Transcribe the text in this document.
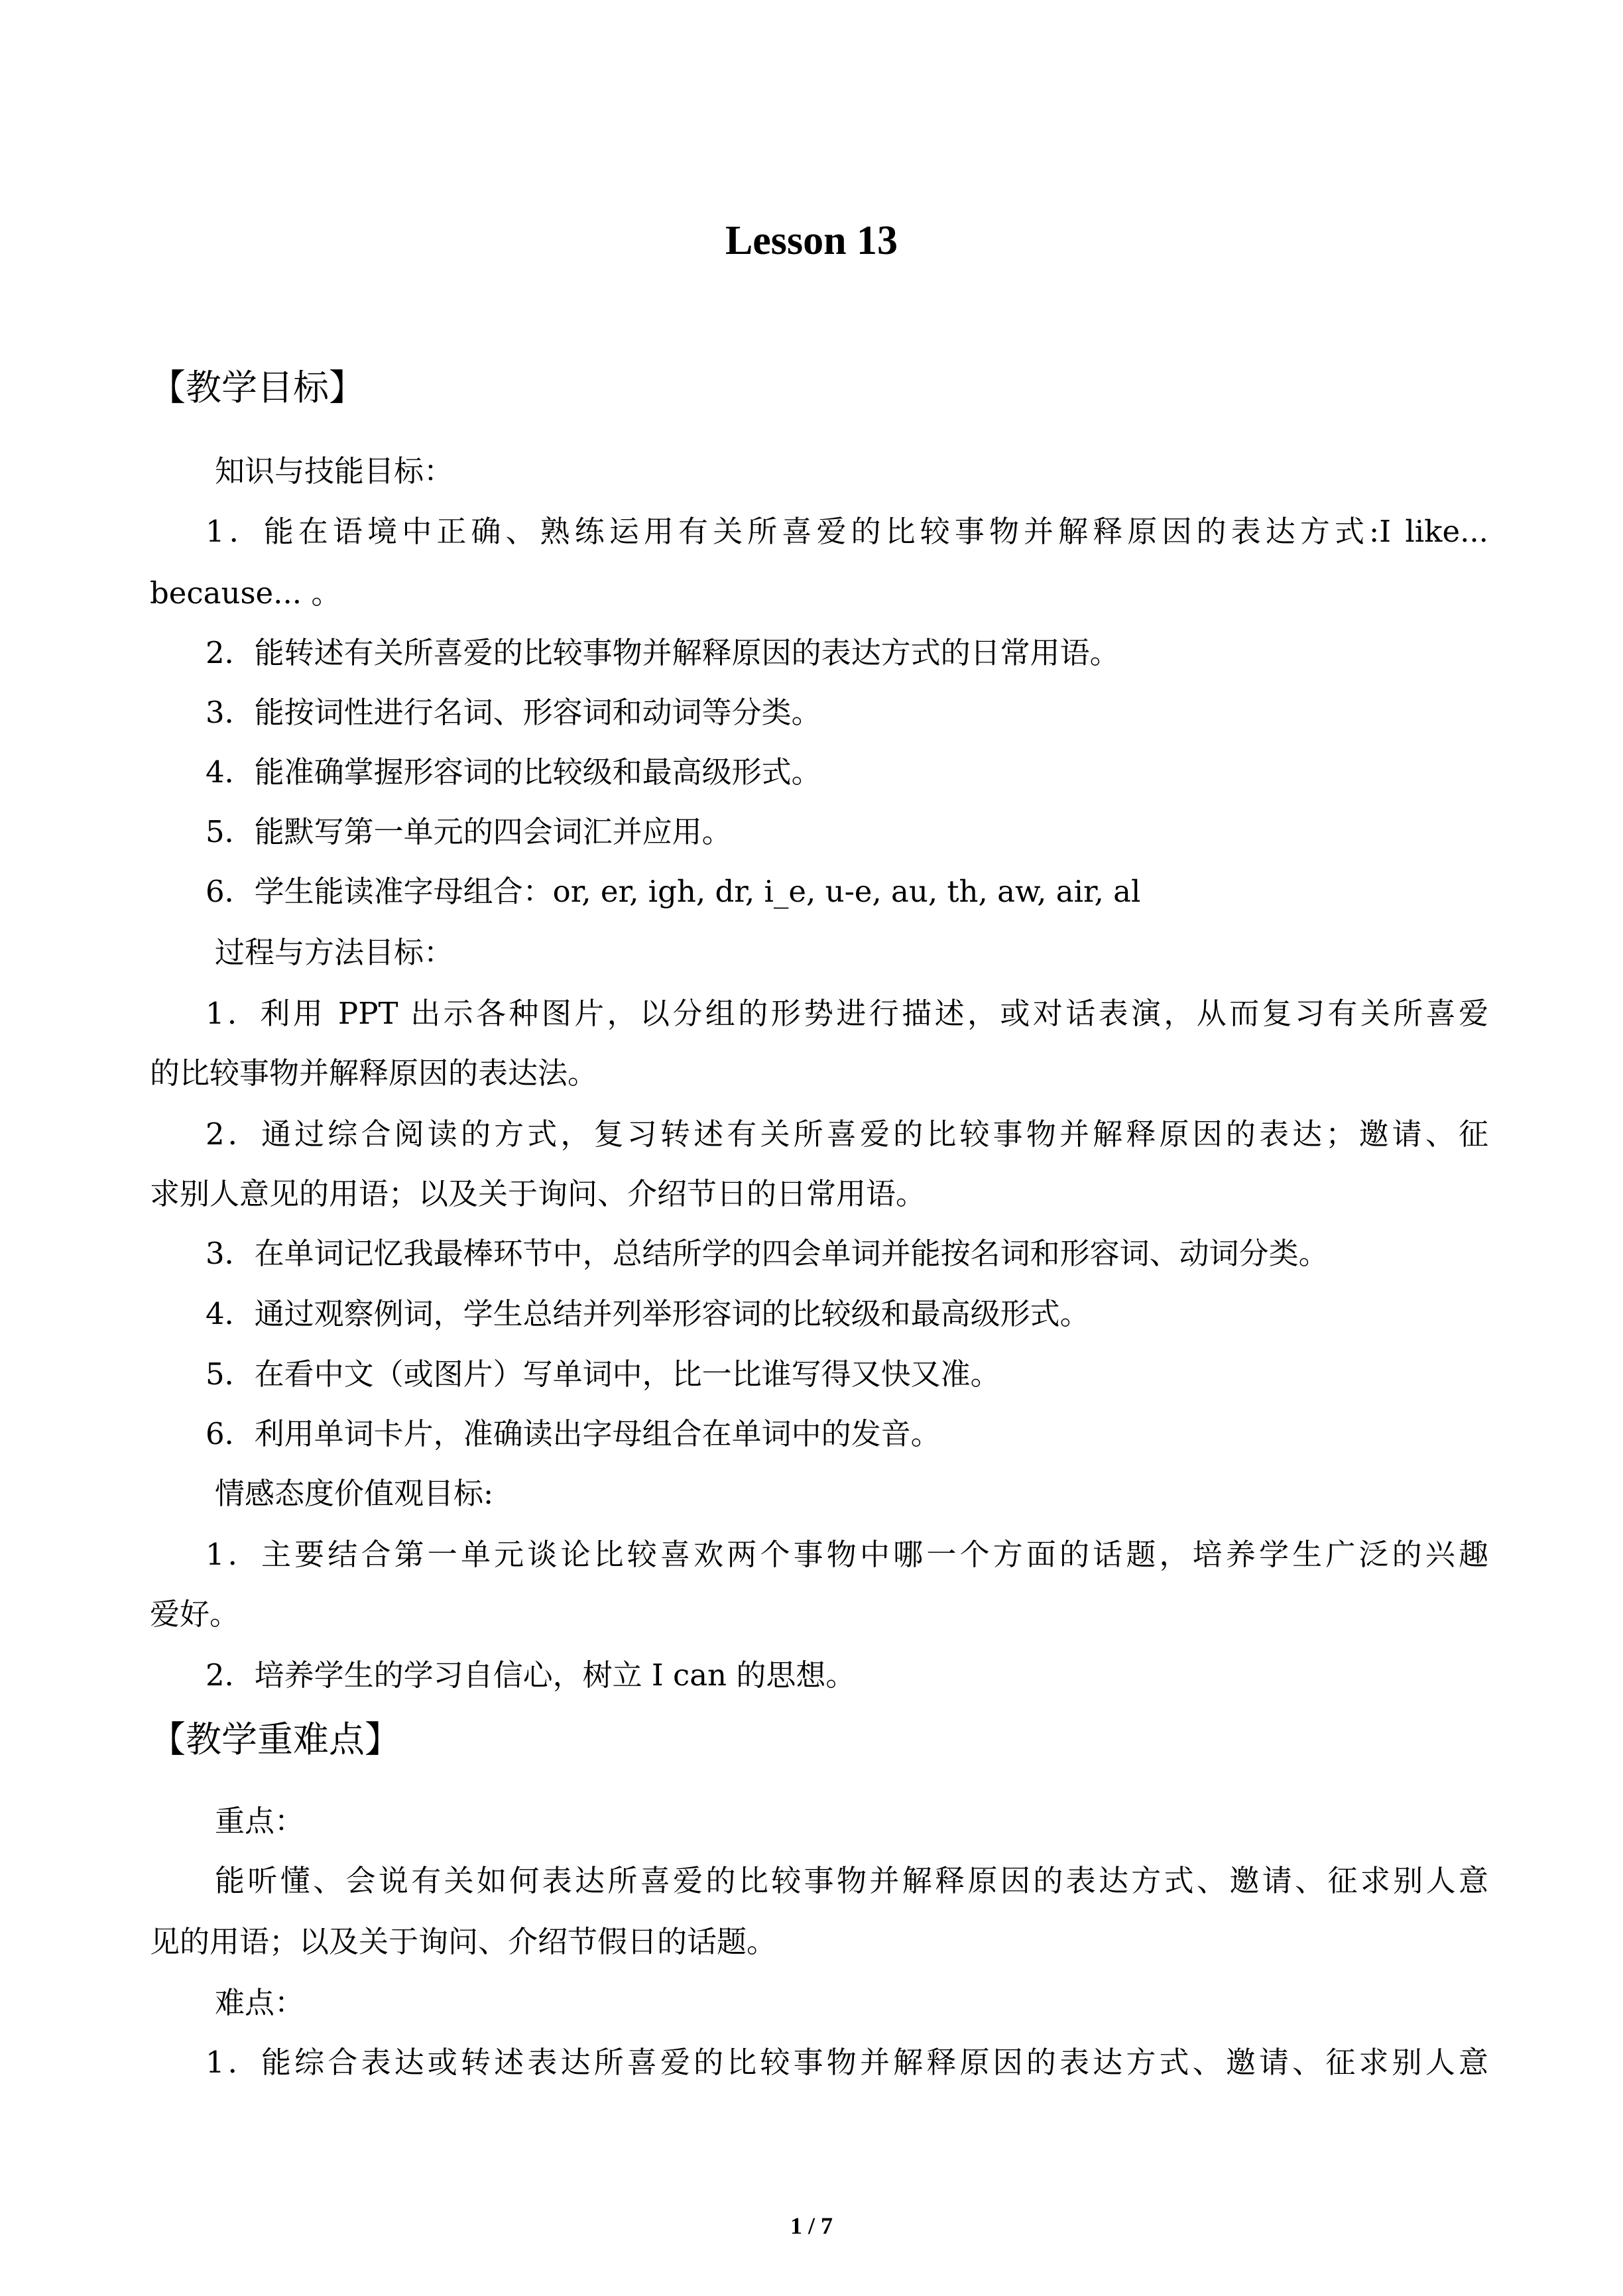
Lesson 13
【教学目标】
知识与技能目标：
1．能在语境中正确、熟练运用有关所喜爱的比较事物并解释原因的表达方式:I like...
because... 。
2．能转述有关所喜爱的比较事物并解释原因的表达方式的日常用语。
3．能按词性进行名词、形容词和动词等分类。
4．能准确掌握形容词的比较级和最高级形式。
5．能默写第一单元的四会词汇并应用。
6．学生能读准字母组合：or, er, igh, dr, i_e, u-e, au, th, aw, air, al
过程与方法目标：
1．利用 PPT 出示各种图片，以分组的形势进行描述，或对话表演，从而复习有关所喜爱
的比较事物并解释原因的表达法。
2．通过综合阅读的方式，复习转述有关所喜爱的比较事物并解释原因的表达；邀请、征
求别人意见的用语；以及关于询问、介绍节日的日常用语。
3．在单词记忆我最棒环节中，总结所学的四会单词并能按名词和形容词、动词分类。
4．通过观察例词，学生总结并列举形容词的比较级和最高级形式。
5．在看中文（或图片）写单词中，比一比谁写得又快又准。
6．利用单词卡片，准确读出字母组合在单词中的发音。
情感态度价值观目标:
1．主要结合第一单元谈论比较喜欢两个事物中哪一个方面的话题，培养学生广泛的兴趣
爱好。
2．培养学生的学习自信心，树立 I can 的思想。
【教学重难点】
重点：
能听懂、会说有关如何表达所喜爱的比较事物并解释原因的表达方式、邀请、征求别人意
见的用语；以及关于询问、介绍节假日的话题。
难点：
1．能综合表达或转述表达所喜爱的比较事物并解释原因的表达方式、邀请、征求别人意
1 / 7
